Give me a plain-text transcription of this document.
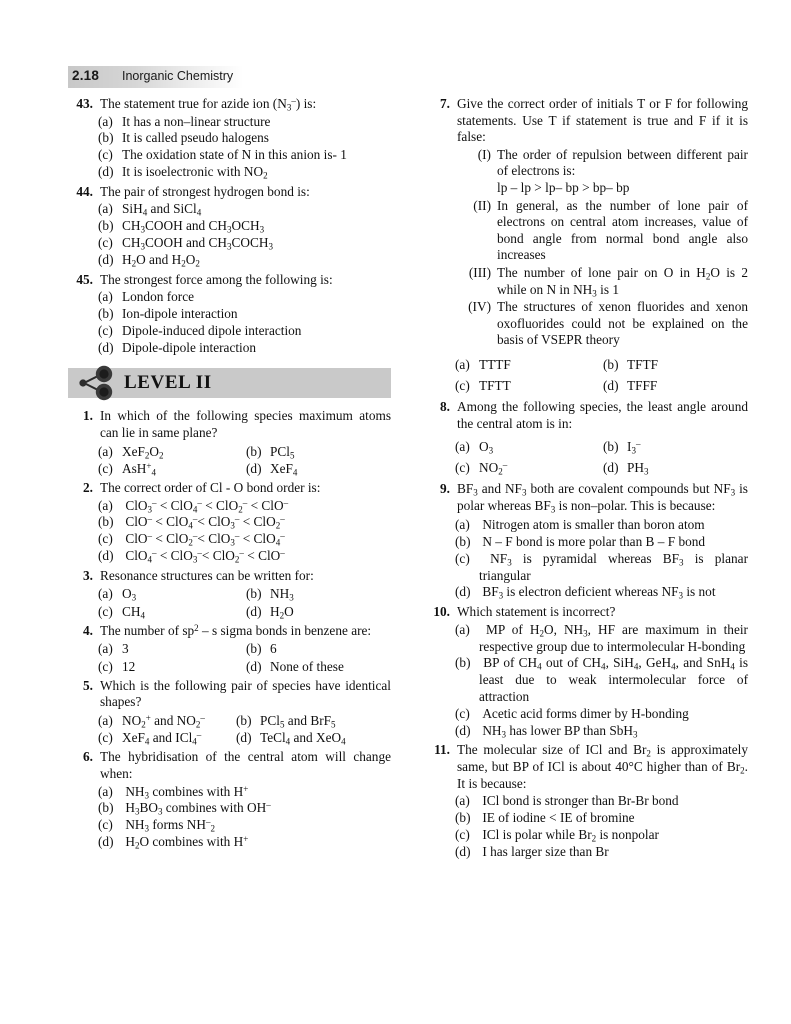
2.18 Inorganic Chemistry
43. The statement true for azide ion $(N_3^-)$ is:
(a) It has a non–linear structure
(b) It is called pseudo halogens
(c) The oxidation state of N in this anion is- 1
(d) It is isoelectronic with $NO_2$
44. The pair of strongest hydrogen bond is:
(a) SiH$_4$ and SiCl$_4$
(b) $CH_3COOH$ and $CH_3OCH_3$
(c) $CH_3COOH$ and $CH_3COCH_3$
(d) $H_2O$ and $H_2O_2$
45. The strongest force among the following is:
(a) London force
(b) Ion-dipole interaction
(c) Dipole-induced dipole interaction
(d) Dipole-dipole interaction
LEVEL II
1. In which of the following species maximum atoms can lie in same plane?
(a) $XeF_2O_2$	(b) PCl$_5$
(c) AsH+$_4$	(d) XeF$_4$
2. The correct order of Cl - O bond order is:
(a) ClO$_3$– < ClO$_4$– < ClO$_2$– < ClO–
(b) ClO– < ClO$_4$–< ClO$_3$– < ClO$_2$–
(c) ClO– < ClO$_2$–< ClO$_3$– < ClO$_4$–
(d) ClO$_4$– < ClO$_3$–< ClO$_2$– < ClO–
3. Resonance structures can be written for:
(a) $O_3$	(b) $NH_3$
(c) $CH_4$	(d) $H_2O$
4. The number of $sp^2$ – s sigma bonds in benzene are:
(a) 3	(b) 6
(c) 12	(d) None of these
5. Which is the following pair of species have identical shapes?
(a) $NO_2^+$ and $NO_2^-$	(b) PCl$_5$ and BrF$_5$
(c) XeF$_4$ and ICl$_4$–	(d) TeCl$_4$ and XeO$_4$
6. The hybridisation of the central atom will change when:
(a) $NH_3$ combines with H+
(b) $H_3BO_3$ combines with OH–
(c) $NH_3$ forms $NH^-_2$
(d) $H_2O$ combines with H+
7. Give the correct order of initials T or F for following statements. Use T if statement is true and F if it is false:
(I) The order of repulsion between different pair of electrons is:
lp – lp > lp– bp > bp– bp
(II) In general, as the number of lone pair of electrons on central atom increases, value of bond angle from normal bond angle also increases
(III) The number of lone pair on O in $H_2O$ is 2 while on N in $NH_3$ is 1
(IV) The structures of xenon fluorides and xenon oxofluorides could not be explained on the basis of VSEPR theory
(a) TTTF	(b) TFTF
(c) TFTT	(d) TFFF
8. Among the following species, the least angle around the central atom is in:
(a) $O_3$	(b) $I_3^-$
(c) $NO_2^-$	(d) $PH_3$
9. $BF_3$ and $NF_3$ both are covalent compounds but $NF_3$ is polar whereas $BF_3$ is non–polar. This is because:
(a) Nitrogen atom is smaller than boron atom
(b) N – F bond is more polar than B – F bond
(c) $NF_3$ is pyramidal whereas $BF_3$ is planar triangular
(d) $BF_3$ is electron deficient whereas $NF_3$ is not
10. Which statement is incorrect?
(a) MP of $H_2O$, $NH_3$, HF are maximum in their respective group due to intermolecular H-bonding
(b) BP of $CH_4$ out of $CH_4$, SiH$_4$, GeH$_4$, and SnH$_4$ is least due to weak intermolecular force of attraction
(c) Acetic acid forms dimer by H-bonding
(d) $NH_3$ has lower BP than SbH$_3$
11. The molecular size of ICl and $Br_2$ is approximately same, but BP of ICl is about 40°C higher than of $Br_2$. It is because:
(a) ICl bond is stronger than Br-Br bond
(b) IE of iodine < IE of bromine
(c) ICl is polar while $Br_2$ is nonpolar
(d) I has larger size than Br
